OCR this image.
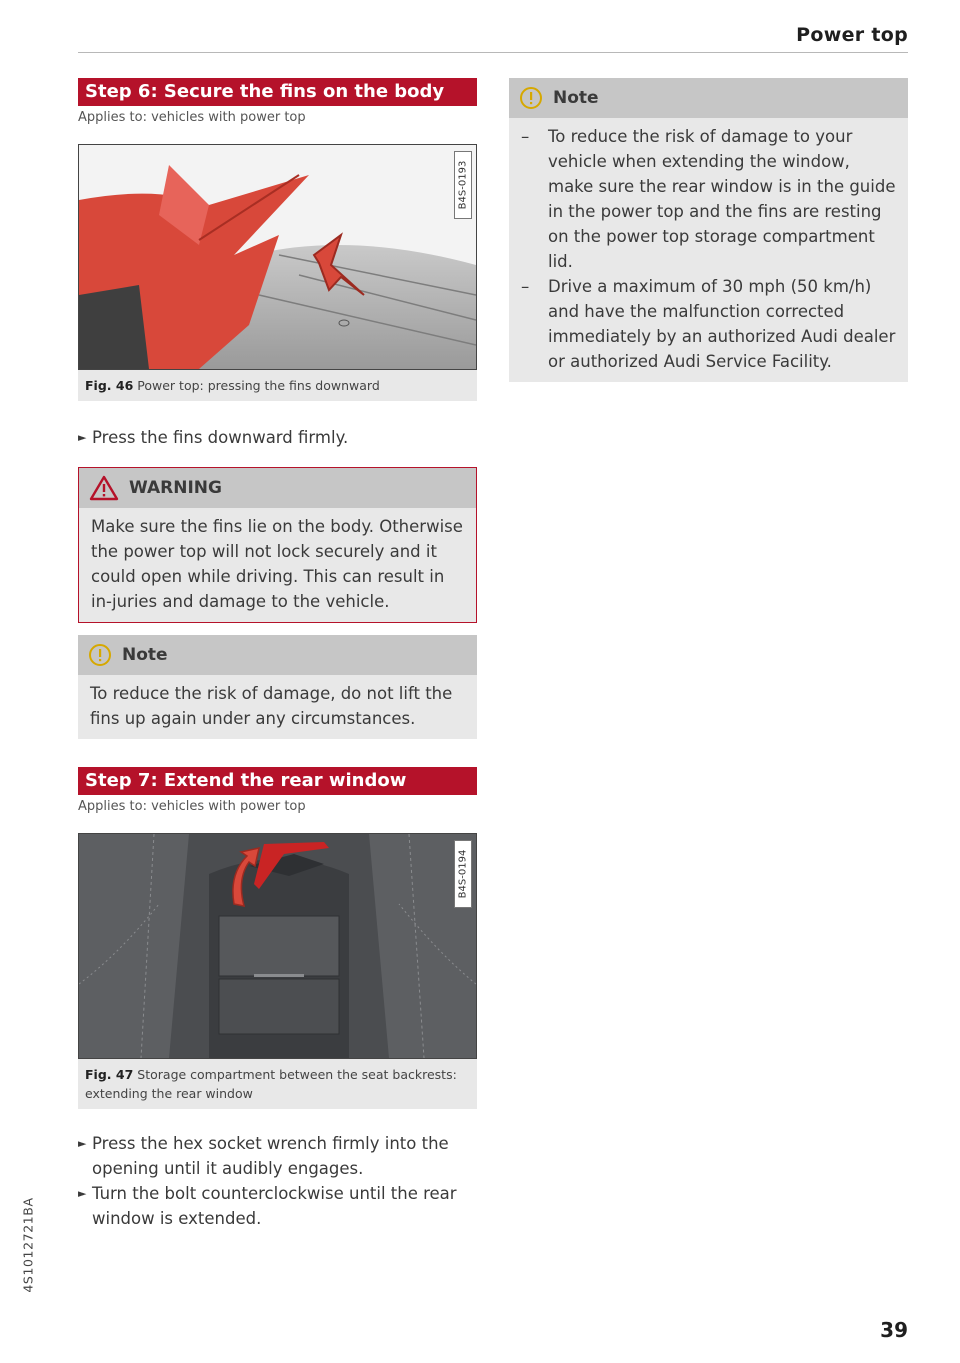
Power top
Step 6: Secure the fins on the body
Applies to: vehicles with power top
B4S-0193
Fig. 46 Power top: pressing the fins downward
► Press the fins downward firmly.
WARNING
Make sure the fins lie on the body. Otherwise the power top will not lock securely and it could open while driving. This can result in in-juries and damage to the vehicle.
Note
To reduce the risk of damage, do not lift the fins up again under any circumstances.
Step 7: Extend the rear window
Applies to: vehicles with power top
B4S-0194
Fig. 47 Storage compartment between the seat backrests: extending the rear window
► Press the hex socket wrench firmly into the opening until it audibly engages.
► Turn the bolt counterclockwise until the rear window is extended.
Note
– To reduce the risk of damage to your vehicle when extending the window, make sure the rear window is in the guide in the power top and the fins are resting on the power top storage compartment lid.
– Drive a maximum of 30 mph (50 km/h) and have the malfunction corrected immediately by an authorized Audi dealer or authorized Audi Service Facility.
4S1012721BA
39
